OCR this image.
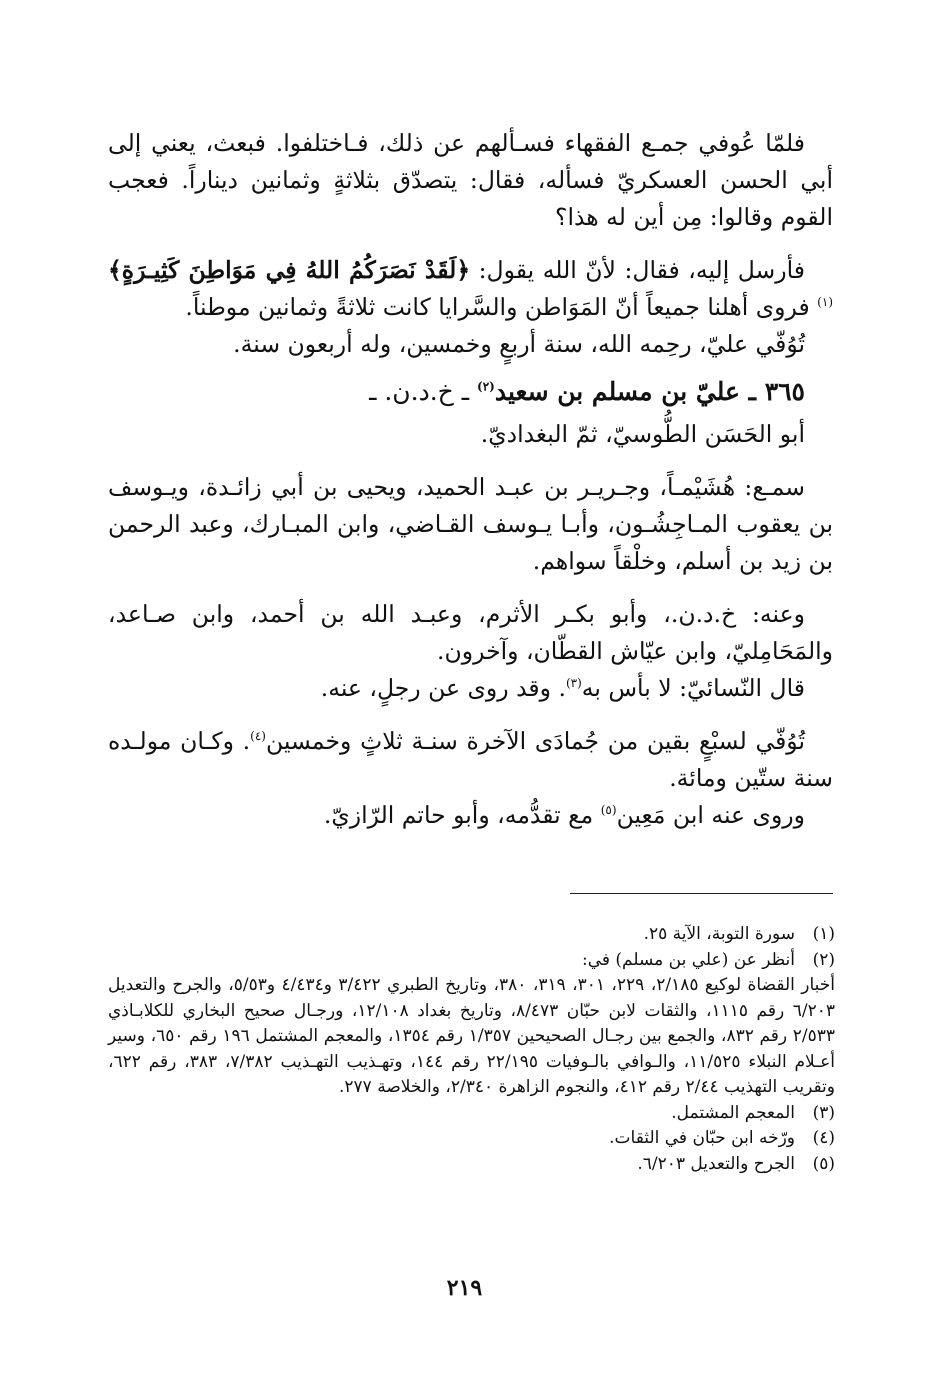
فلمّا عُوفي جمـع الفقهاء فسـألهم عن ذلك، فـاختلفوا. فبعث، يعني إلى أبي الحسن العسكريّ فسأله، فقال: يتصدّق بثلاثةٍ وثمانين ديناراً. فعجب القوم وقالوا: مِن أين له هذا؟

فأرسل إليه، فقال: لأنّ الله يقول: ﴿لَقَدْ نَصَرَكُمُ اللهُ فِي مَوَاطِنَ كَثِيـرَةٍ﴾$^{(١)}$ فروى أهلنا جميعاً أنّ المَوَاطن والسَّرايا كانت ثلاثةً وثمانين موطناً.

تُوُفّي عليّ، رحِمه الله، سنة أربعٍ وخمسين، وله أربعون سنة.

٣٦٥ ـ عليّ بن مسلم بن سعيد$^{(٢)}$ ـ خ.د.ن. ـ

أبو الحَسَن الطُّوسيّ، ثمّ البغداديّ.

سمـع: هُشَيْمـاً، وجـريـر بن عبـد الحميد، ويحيى بن أبي زائـدة، ويـوسف بن يعقوب المـاجِشُـون، وأبـا يـوسف القـاضي، وابن المبـارك، وعبد الرحمن بن زيد بن أسلم، وخلْقاً سواهم.

وعنه: خ.د.ن.، وأبو بكـر الأثرم، وعبـد الله بن أحمد، وابن صـاعد، والمَحَامِليّ، وابن عيّاش القطّان، وآخرون.

قال النّسائيّ: لا بأس به$^{(٣)}$. وقد روى عن رجلٍ، عنه.

تُوُفّي لسبْعٍ بقين من جُمادَى الآخرة سنـة ثلاثٍ وخمسين$^{(٤)}$. وكـان مولـده سنة ستّين ومائة.

وروى عنه ابن مَعِين$^{(٥)}$ مع تقدُّمه، وأبو حاتم الرّازيّ.

(١)
سورة التوبة، الآية ٢٥.
(٢)
أنظر عن (علي بن مسلم) في:

أخبار القضاة لوكيع ٢/١٨٥، ٢٢٩، ٣٠١، ٣١٩، ٣٨٠، وتاريخ الطبري ٣/٤٢٢ و٤/٤٣٤ و٥/٥٣، والجرح والتعديل ٦/٢٠٣ رقم ١١١٥، والثقات لابن حبّان ٨/٤٧٣، وتاريخ بغداد ١٢/١٠٨، ورجـال صحيح البخاري للكلابـاذي ٢/٥٣٣ رقم ٨٣٢، والجمع بين رجـال الصحيحين ١/٣٥٧ رقم ١٣٥٤، والمعجم المشتمل ١٩٦ رقم ٦٥٠، وسير أعـلام النبلاء ١١/٥٢٥، والـوافي بالـوفيات ٢٢/١٩٥ رقم ١٤٤، وتهـذيب التهـذيب ٧/٣٨٢، ٣٨٣، رقم ٦٢٢، وتقريب التهذيب ٢/٤٤ رقم ٤١٢، والنجوم الزاهرة ٢/٣٤٠، والخلاصة ٢٧٧.

(٣)
المعجم المشتمل.
(٤)
ورّخه ابن حبّان في الثقات.
(٥)
الجرح والتعديل ٦/٢٠٣.
٢١٩
